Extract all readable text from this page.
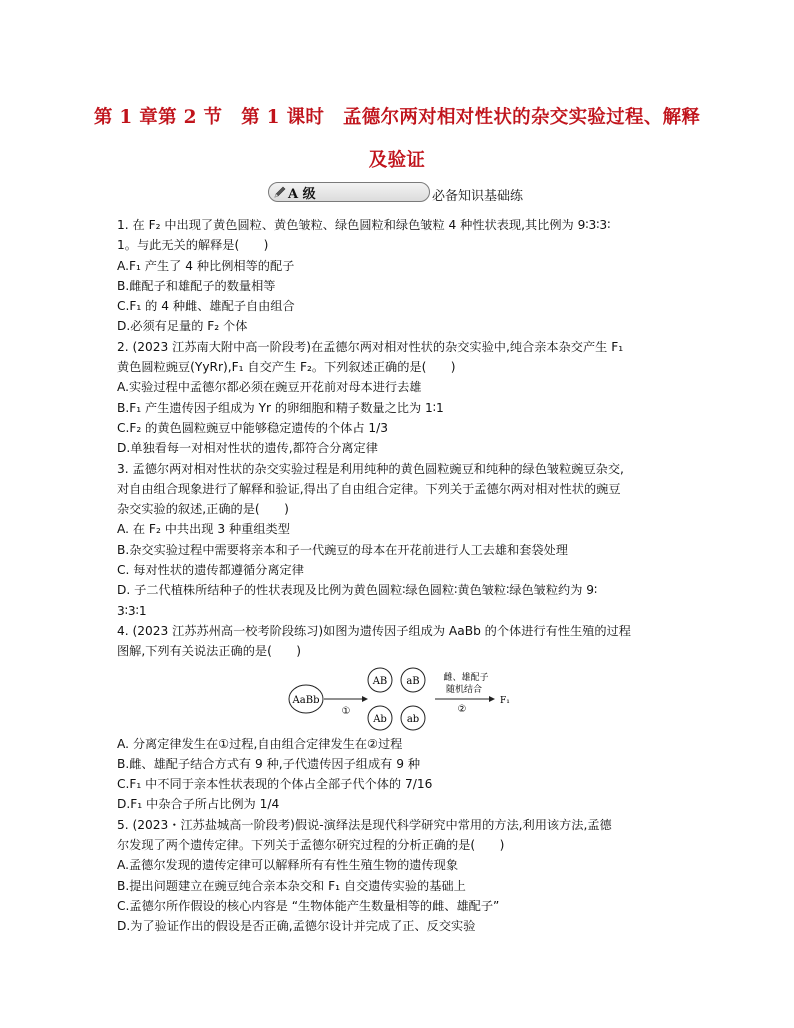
第 1 章第 2 节　第 1 课时　孟德尔两对相对性状的杂交实验过程、解释
及验证
A 级	必备知识基础练

1. 在 F₂ 中出现了黄色圆粒、黄色皱粒、绿色圆粒和绿色皱粒 4 种性状表现,其比例为 9∶3∶3∶

1。与此无关的解释是(　　)

A.F₁ 产生了 4 种比例相等的配子

B.雌配子和雄配子的数量相等

C.F₁ 的 4 种雌、雄配子自由组合

D.必须有足量的 F₂ 个体

2. (2023 江苏南大附中高一阶段考)在孟德尔两对相对性状的杂交实验中,纯合亲本杂交产生 F₁

黄色圆粒豌豆(YyRr),F₁ 自交产生 F₂。下列叙述正确的是(　　)

A.实验过程中孟德尔都必须在豌豆开花前对母本进行去雄

B.F₁ 产生遗传因子组成为 Yr 的卵细胞和精子数量之比为 1∶1

C.F₂ 的黄色圆粒豌豆中能够稳定遗传的个体占 1/3

D.单独看每一对相对性状的遗传,都符合分离定律

3. 孟德尔两对相对性状的杂交实验过程是利用纯种的黄色圆粒豌豆和纯种的绿色皱粒豌豆杂交,

对自由组合现象进行了解释和验证,得出了自由组合定律。下列关于孟德尔两对相对性状的豌豆

杂交实验的叙述,正确的是(　　)

A. 在 F₂ 中共出现 3 种重组类型

B.杂交实验过程中需要将亲本和子一代豌豆的母本在开花前进行人工去雄和套袋处理

C. 每对性状的遗传都遵循分离定律

D. 子二代植株所结种子的性状表现及比例为黄色圆粒∶绿色圆粒∶黄色皱粒∶绿色皱粒约为 9∶

3∶3∶1

4. (2023 江苏苏州高一校考阶段练习)如图为遗传因子组成为 AaBb 的个体进行有性生殖的过程

图解,下列有关说法正确的是(　　)

AaBb
①
AB aB
Ab ab
雌、雄配子
随机结合
②
F₁

A. 分离定律发生在①过程,自由组合定律发生在②过程

B.雌、雄配子结合方式有 9 种,子代遗传因子组成有 9 种

C.F₁ 中不同于亲本性状表现的个体占全部子代个体的 7/16

D.F₁ 中杂合子所占比例为 1/4

5. (2023・江苏盐城高一阶段考)假说-演绎法是现代科学研究中常用的方法,利用该方法,孟德

尔发现了两个遗传定律。下列关于孟德尔研究过程的分析正确的是(　　)

A.孟德尔发现的遗传定律可以解释所有有性生殖生物的遗传现象

B.提出问题建立在豌豆纯合亲本杂交和 F₁ 自交遗传实验的基础上

C.孟德尔所作假设的核心内容是 “生物体能产生数量相等的雌、雄配子”

D.为了验证作出的假设是否正确,孟德尔设计并完成了正、反交实验
